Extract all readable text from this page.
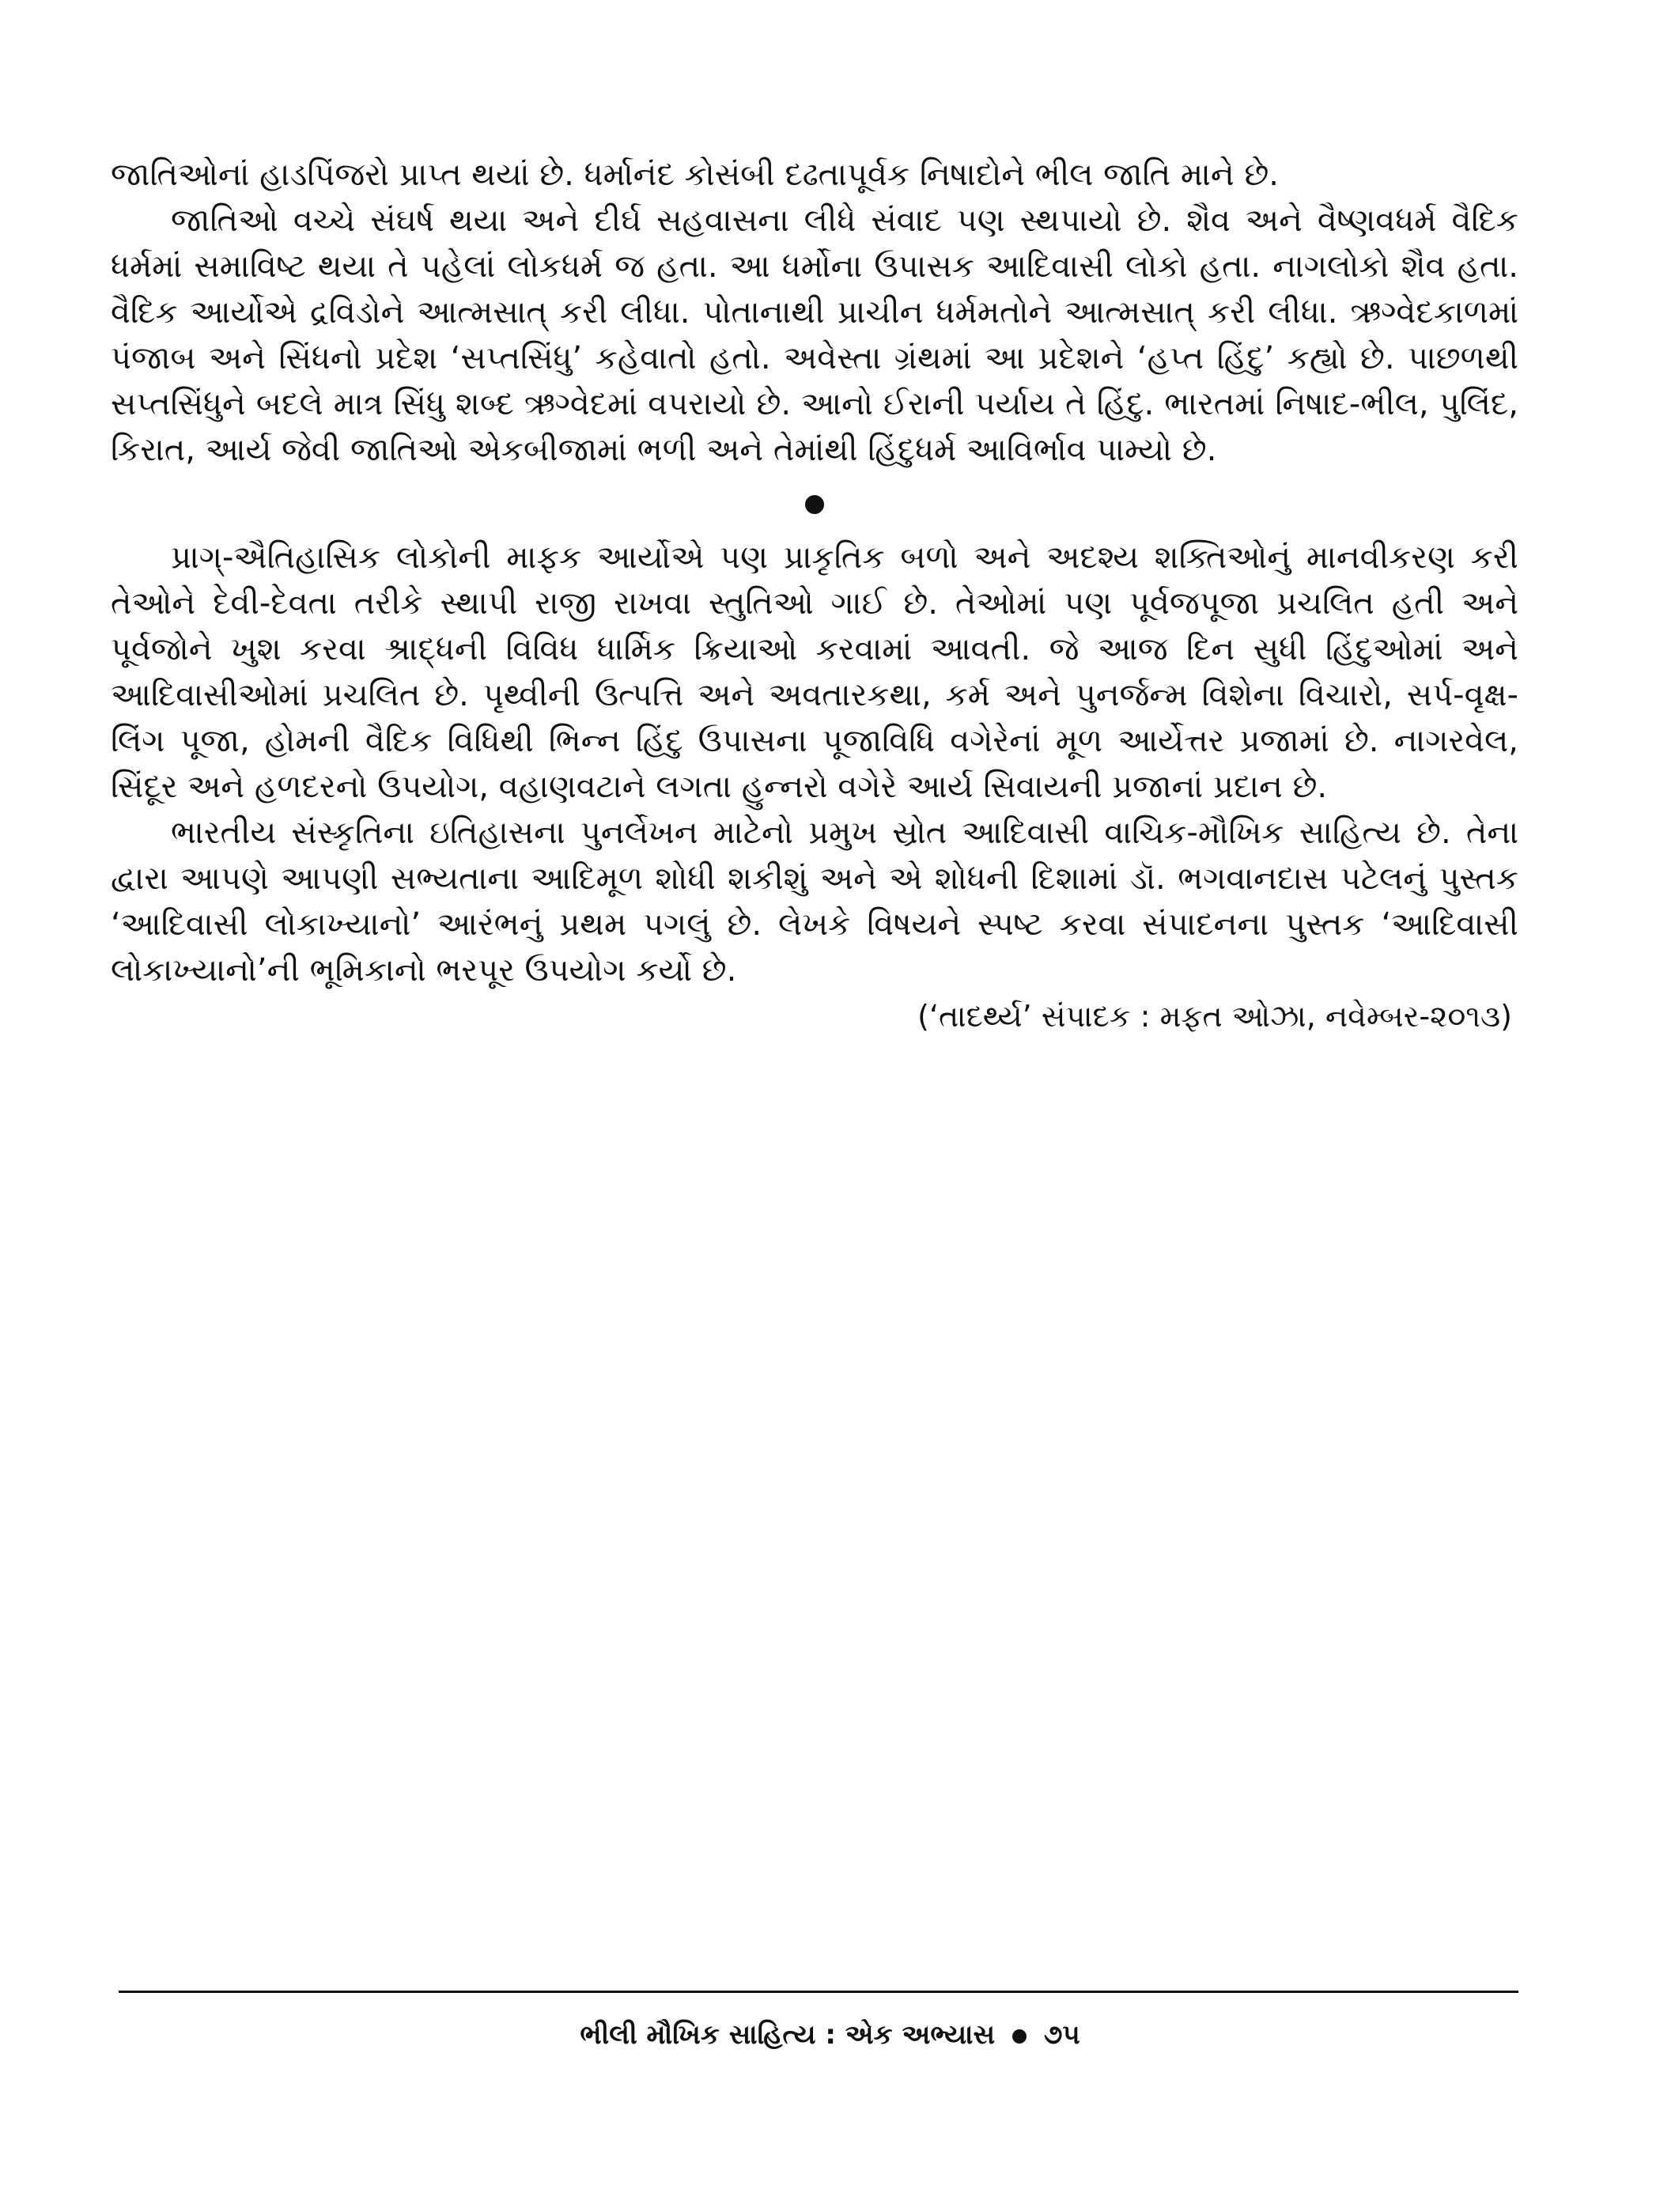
જાતિઓનાં હાડપિંજરો પ્રાપ્ત થયાં છે. ધર્માનંદ કોસંબી દઢતાપૂર્વક નિષાદોને ભીલ જાતિ માને છે.

જાતિઓ વચ્ચે સંઘર્ષ થયા અને દીર્ઘ સહવાસના લીધે સંવાદ પણ સ્થપાયો છે. શૈવ અને વૈષ્ણવધર્મ વૈદિક ધર્મમાં સમાવિષ્ટ થયા તે પહેલાં લોકધર્મ જ હતા. આ ધર્મોના ઉપાસક આદિવાસી લોકો હતા. નાગલોકો શૈવ હતા. વૈદિક આર્યોએ દ્રવિડોને આત્મસાત્ કરી લીધા. પોતાનાથી પ્રાચીન ધર્મમતોને આત્મસાત્ કરી લીધા. ઋગ્વેદકાળમાં પંજાબ અને સિંધનો પ્રદેશ ‘સપ્તસિંધુ’ કહેવાતો હતો. અવેસ્તા ગ્રંથમાં આ પ્રદેશને ‘હપ્ત હિંદુ’ કહ્યો છે. પાછળથી સપ્તસિંધુને બદલે માત્ર સિંધુ શબ્દ ઋગ્વેદમાં વપરાયો છે. આનો ઈરાની પર્યાય તે હિંદુ. ભારતમાં નિષાદ-ભીલ, પુલિંદ, કિરાત, આર્ય જેવી જાતિઓ એકબીજામાં ભળી અને તેમાંથી હિંદુધર્મ આવિર્ભાવ પામ્યો છે.

પ્રાગ્-ઐતિહાસિક લોકોની માફક આર્યોએ પણ પ્રાકૃતિક બળો અને અદશ્ય શક્તિઓનું માનવીકરણ કરી તેઓને દેવી-દેવતા તરીકે સ્થાપી રાજી રાખવા સ્તુતિઓ ગાઈ છે. તેઓમાં પણ પૂર્વજપૂજા પ્રચલિત હતી અને પૂર્વજોને ખુશ કરવા શ્રાદ્ધની વિવિધ ધાર્મિક ક્રિયાઓ કરવામાં આવતી. જે આજ દિન સુધી હિંદુઓમાં અને આદિવાસીઓમાં પ્રચલિત છે. પૃથ્વીની ઉત્પત્તિ અને અવતારકથા, કર્મ અને પુનર્જન્મ વિશેના વિચારો, સર્પ-વૃક્ષ-લિંગ પૂજા, હોમની વૈદિક વિધિથી ભિન્ન હિંદુ ઉપાસના પૂજાવિધિ વગેરેનાં મૂળ આર્યેત્તર પ્રજામાં છે. નાગરવેલ, સિંદૂર અને હળદરનો ઉપયોગ, વહાણવટાને લગતા હુન્નરો વગેરે આર્ય સિવાયની પ્રજાનાં પ્રદાન છે.

ભારતીય સંસ્કૃતિના ઇતિહાસના પુનર્લેખન માટેનો પ્રમુખ સ્રોત આદિવાસી વાચિક-મૌખિક સાહિત્ય છે. તેના દ્વારા આપણે આપણી સભ્યતાના આદિમૂળ શોધી શકીશું અને એ શોધની દિશામાં ડૉ. ભગવાનદાસ પટેલનું પુસ્તક ‘આદિવાસી લોકાખ્યાનો’ આરંભનું પ્રથમ પગલું છે. લેખકે વિષયને સ્પષ્ટ કરવા સંપાદનના પુસ્તક ‘આદિવાસી લોકાખ્યાનો’ની ભૂમિકાનો ભરપૂર ઉપયોગ કર્યો છે.

(‘તાદર્થ્ય’ સંપાદક : મફત ઓઝા, નવેમ્બર-૨૦૧૩)

ભીલી મૌખિક સાહિત્ય : એક અભ્યાસ ૭૫
